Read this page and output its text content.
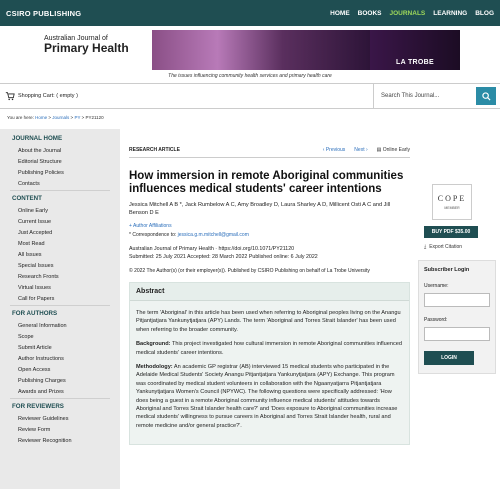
CSIRO PUBLISHING	HOME BOOKS JOURNALS LEARNING BLOG
Australian Journal of
Primary Health
LA TROBE
The issues influencing community health services and primary health care
Shopping Cart: ( empty )	Search This Journal...
You are here: Home > Journals > PY > PY21120
JOURNAL HOME
About the Journal
Editorial Structure
Publishing Policies
Contacts
CONTENT
Online Early
Current Issue
Just Accepted
Most Read
All Issues
Special Issues
Research Fronts
Virtual Issues
Call for Papers
FOR AUTHORS
General Information
Scope
Submit Article
Author Instructions
Open Access
Publishing Charges
Awards and Prizes
FOR REVIEWERS
Reviewer Guidelines
Review Form
Reviewer Recognition
RESEARCH ARTICLE	‹ Previous Next › ▤ Online Early
How immersion in remote Aboriginal communities influences medical students' career intentions
Jessica Mitchell A B *, Jack Rumbelow A C, Amy Broadley D, Laura Sharley A D, Millicent Osti A C and Jill Benson D E
+ Author Affiliations
* Correspondence to: jessica.g.m.mitchell@gmail.com
Australian Journal of Primary Health · https://doi.org/10.1071/PY21120
Submitted: 25 July 2021 Accepted: 28 March 2022 Published online: 6 July 2022
© 2022 The Author(s) (or their employer(s)). Published by CSIRO Publishing on behalf of La Trobe University
Abstract

The term 'Aboriginal' in this article has been used when referring to Aboriginal peoples living on the Anangu Pitjantjatjara Yankunytjatjara (APY) Lands. The term 'Aboriginal and Torres Strait Islander' has been used when referring to the broader community.

Background: This project investigated how cultural immersion in remote Aboriginal communities influenced medical students' career intentions.

Methodology: An academic GP registrar (AB) interviewed 15 medical students who participated in the Adelaide Medical Students' Society Anangu Pitjantjatjara Yankunytjatjara (APY) Exchange. This program was coordinated by medical student volunteers in collaboration with the Ngaanyatjarra Pitjantjatjara Yankunytjatjara Women's Council (NPYWC). The following questions were specifically addressed: 'How does being a guest in a remote Aboriginal community influence medical students' attitudes towards Aboriginal and Torres Strait Islander health care?' and 'Does exposure to Aboriginal communities increase medical students' willingness to pursue careers in Aboriginal and Torres Strait Islander health, rural and remote medicine and/or general practice?'.

COPE
MEMBER
BUY PDF $35.00
⤓ Export Citation
Subscriber Login
Username:
Password:
LOGIN
